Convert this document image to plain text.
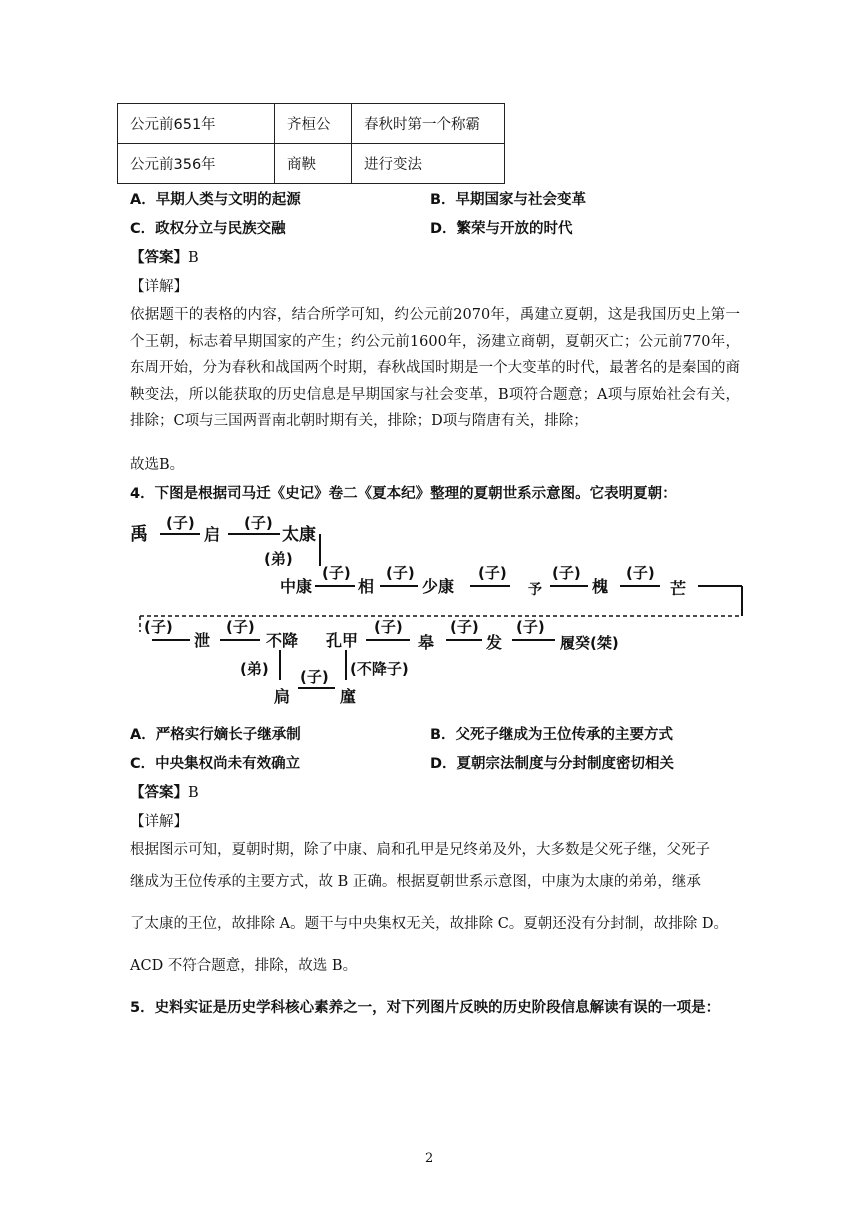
公元前651年	齐桓公	春秋时第一个称霸
公元前356年	商鞅	进行变法
A．早期人类与文明的起源	B．早期国家与社会变革
C．政权分立与民族交融	D．繁荣与开放的时代
【答案】B
【详解】
依据题干的表格的内容，结合所学可知，约公元前2070年，禹建立夏朝，这是我国历史上第一个王朝，标志着早期国家的产生；约公元前1600年，汤建立商朝，夏朝灭亡；公元前770年，东周开始，分为春秋和战国两个时期，春秋战国时期是一个大变革的时代，最著名的是秦国的商鞅变法，所以能获取的历史信息是早期国家与社会变革，B项符合题意；A项与原始社会有关，排除；C项与三国两晋南北朝时期有关，排除；D项与隋唐有关，排除；
故选B。
4．下图是根据司马迁《史记》卷二《夏本纪》整理的夏朝世系示意图。它表明夏朝：
禹	启	太康
(子)	(子)
(弟)
中康	相	少康	予	槐	芒
(子) (子)	(子)	(子)	(子)
泄	不降 孔甲	皋	发	履癸(桀)
(子)	(子)	(子)	(子) (子)
(弟)	(不降子)
扃	廑
(子)
A．严格实行嫡长子继承制	B．父死子继成为王位传承的主要方式
C．中央集权尚未有效确立	D．夏朝宗法制度与分封制度密切相关
【答案】B
【详解】
根据图示可知，夏朝时期，除了中康、扃和孔甲是兄终弟及外，大多数是父死子继，父死子
继成为王位传承的主要方式，故 B 正确。根据夏朝世系示意图，中康为太康的弟弟，继承
了太康的王位，故排除 A。题干与中央集权无关，故排除 C。夏朝还没有分封制，故排除 D。
ACD 不符合题意，排除，故选 B。
5．史料实证是历史学科核心素养之一，对下列图片反映的历史阶段信息解读有误的一项是：
2
